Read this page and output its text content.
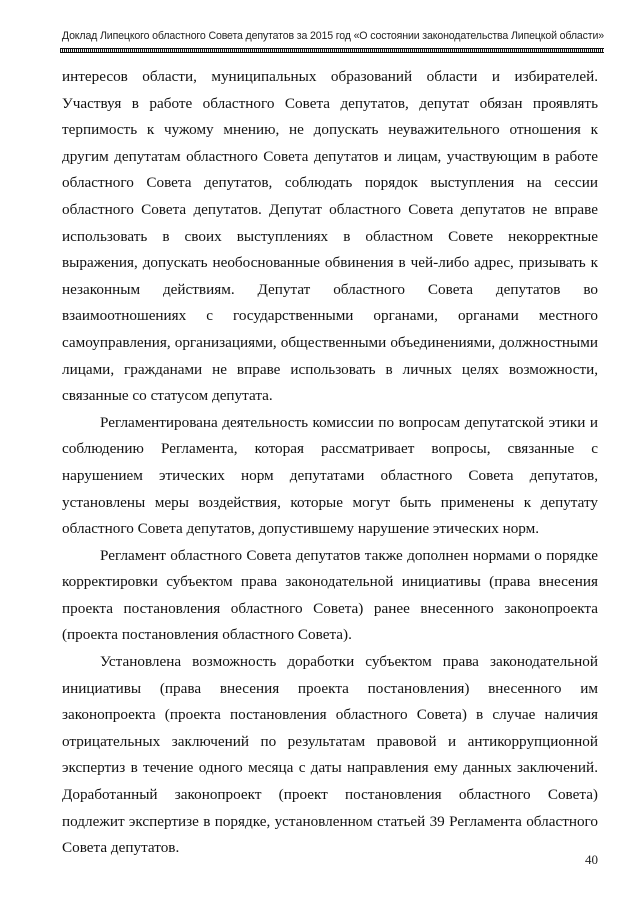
Доклад Липецкого областного Совета депутатов за 2015 год «О состоянии законодательства Липецкой области»

интересов области, муниципальных образований области и избирателей.
Участвуя в работе областного Совета депутатов, депутат обязан проявлять
терпимость к чужому мнению, не допускать неуважительного отношения к
другим депутатам областного Совета депутатов и лицам, участвующим в работе
областного Совета депутатов, соблюдать порядок выступления на сессии
областного Совета депутатов. Депутат областного Совета депутатов не вправе
использовать в своих выступлениях в областном Совете некорректные
выражения, допускать необоснованные обвинения в чей-либо адрес, призывать к
незаконным действиям. Депутат областного Совета депутатов во
взаимоотношениях с государственными органами, органами местного
самоуправления, организациями, общественными объединениями, должностными
лицами, гражданами не вправе использовать в личных целях возможности,
связанные со статусом депутата.

Регламентирована деятельность комиссии по вопросам депутатской этики и
соблюдению Регламента, которая рассматривает вопросы, связанные с
нарушением этических норм депутатами областного Совета депутатов,
установлены меры воздействия, которые могут быть применены к депутату
областного Совета депутатов, допустившему нарушение этических норм.

Регламент областного Совета депутатов также дополнен нормами о порядке
корректировки субъектом права законодательной инициативы (права внесения
проекта постановления областного Совета) ранее внесенного законопроекта
(проекта постановления областного Совета).

Установлена возможность доработки субъектом права законодательной
инициативы (права внесения проекта постановления) внесенного им
законопроекта (проекта постановления областного Совета) в случае наличия
отрицательных заключений по результатам правовой и антикоррупционной
экспертиз в течение одного месяца с даты направления ему данных заключений.
Доработанный законопроект (проект постановления областного Совета)
подлежит экспертизе в порядке, установленном статьей 39 Регламента областного
Совета депутатов.

40
